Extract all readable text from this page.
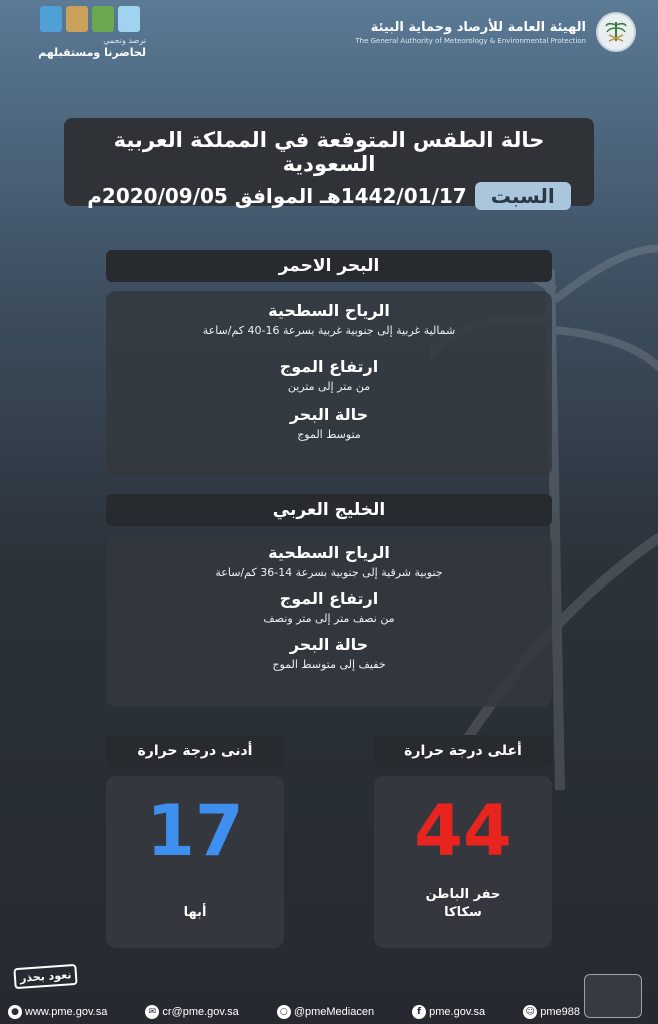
الهيئة العامة للأرصاد وحماية البيئة
The General Authority of Meteorology & Environmental Protection
نرصد ونحمي
لحاضرنا ومستقبلهم
حالة الطقس المتوقعة في المملكة العربية السعودية
السبت
1442/01/17هـ الموافق 2020/09/05م
البحر الاحمر
الرياح السطحية
شمالية غربية إلى جنوبية غربية بسرعة 16-40 كم/ساعة
ارتفاع الموج
من متر إلى مترين
حالة البحر
متوسط الموج
الخليج العربي
الرياح السطحية
جنوبية شرقية إلى جنوبية بسرعة 14-36 كم/ساعة
ارتفاع الموج
من نصف متر إلى متر ونصف
حالة البحر
خفيف إلى متوسط الموج
أعلى درجة حرارة
44
حفر الباطن
سكاكا
أدنى درجة حرارة
17
أبها
نعود بحذر
● www.pme.gov.sa	✉ cr@pme.gov.sa	○ @pmeMediacen	f pme.gov.sa	☺ pme988
